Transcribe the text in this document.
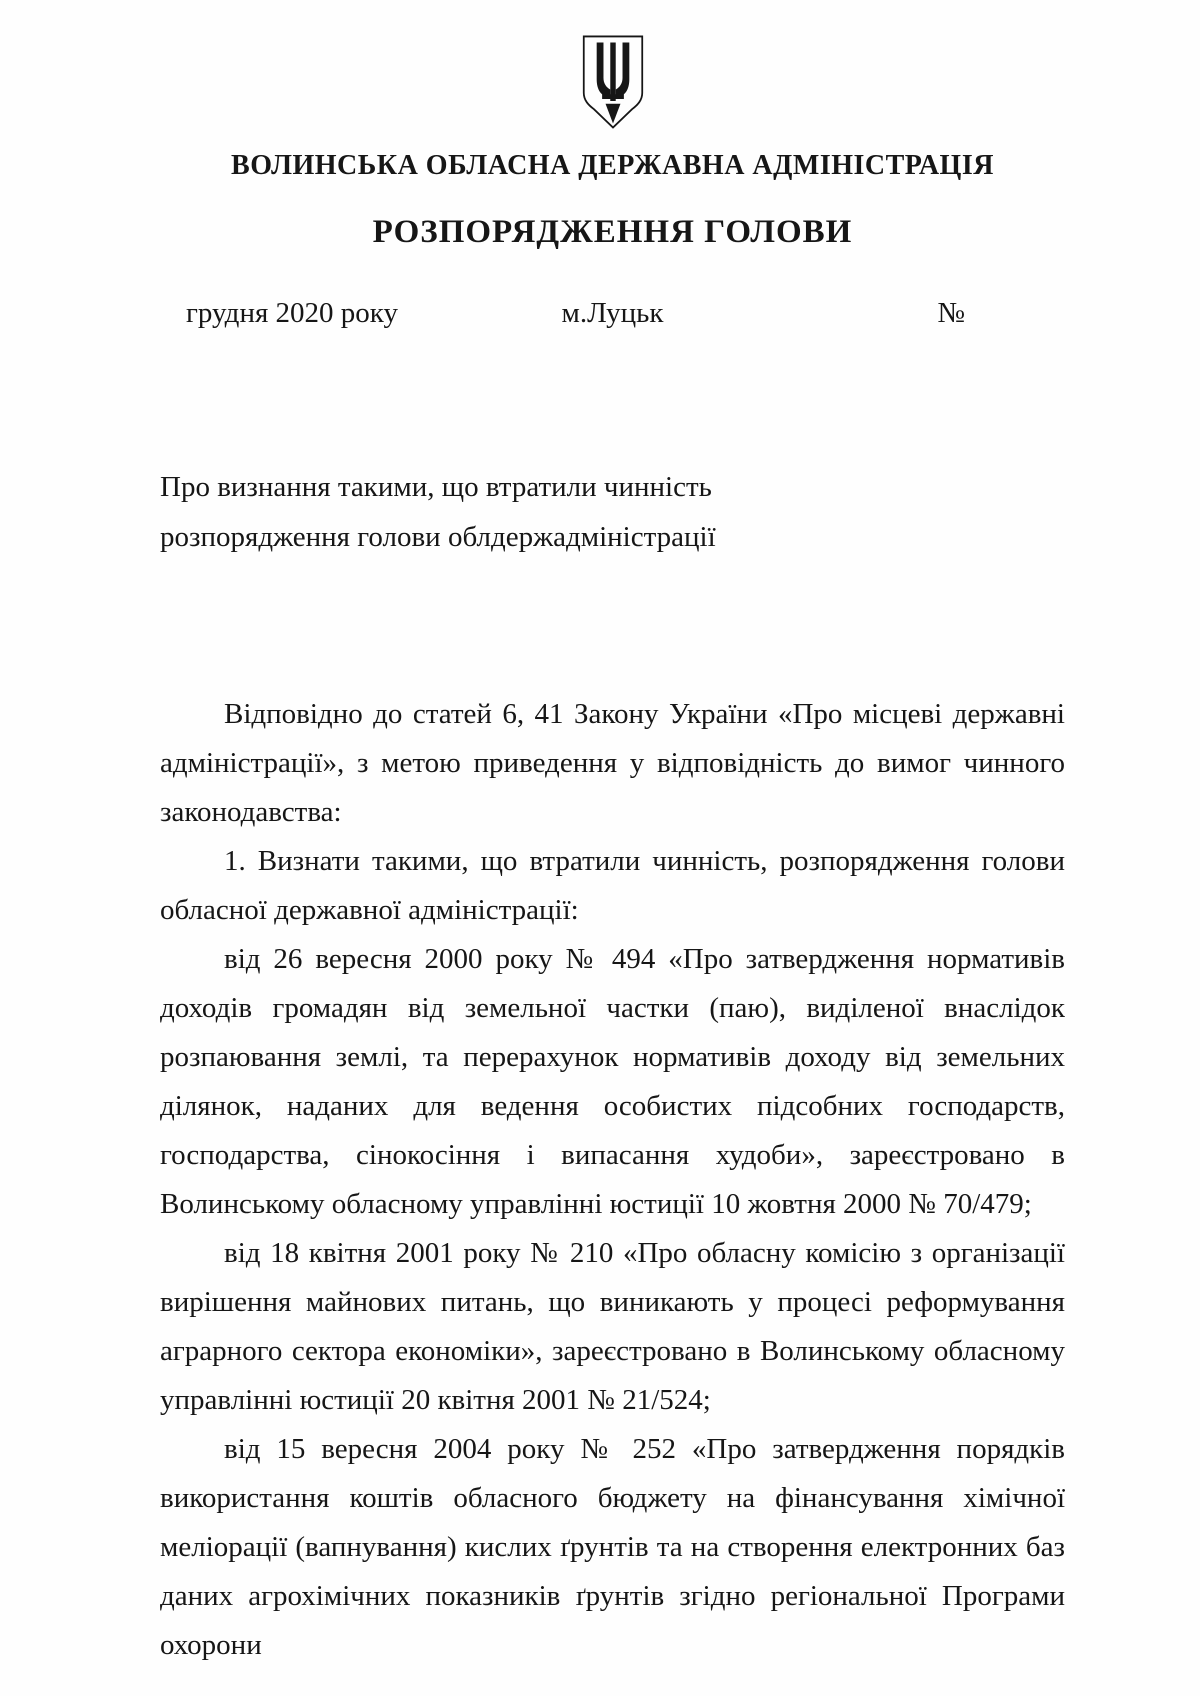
ВОЛИНСЬКА ОБЛАСНА ДЕРЖАВНА АДМІНІСТРАЦІЯ
РОЗПОРЯДЖЕННЯ ГОЛОВИ
грудня 2020 року	м.Луцьк	№
Про визнання такими, що втратили чинність
розпорядження голови облдержадміністрації

Відповідно до статей 6, 41 Закону України «Про місцеві державні адміністрації», з метою приведення у відповідність до вимог чинного законодавства:

1. Визнати такими, що втратили чинність, розпорядження голови обласної державної адміністрації:

від 26 вересня 2000 року № 494 «Про затвердження нормативів доходів громадян від земельної частки (паю), виділеної внаслідок розпаювання землі, та перерахунок нормативів доходу від земельних ділянок, наданих для ведення особистих підсобних господарств, господарства, сінокосіння і випасання худоби», зареєстровано в Волинському обласному управлінні юстиції 10 жовтня 2000 № 70/479;

від 18 квітня 2001 року № 210 «Про обласну комісію з організації вирішення майнових питань, що виникають у процесі реформування аграрного сектора економіки», зареєстровано в Волинському обласному управлінні юстиції 20 квітня 2001 № 21/524;

від 15 вересня 2004 року № 252 «Про затвердження порядків використання коштів обласного бюджету на фінансування хімічної меліорації (вапнування) кислих ґрунтів та на створення електронних баз даних агрохімічних показників ґрунтів згідно регіональної Програми охорони
